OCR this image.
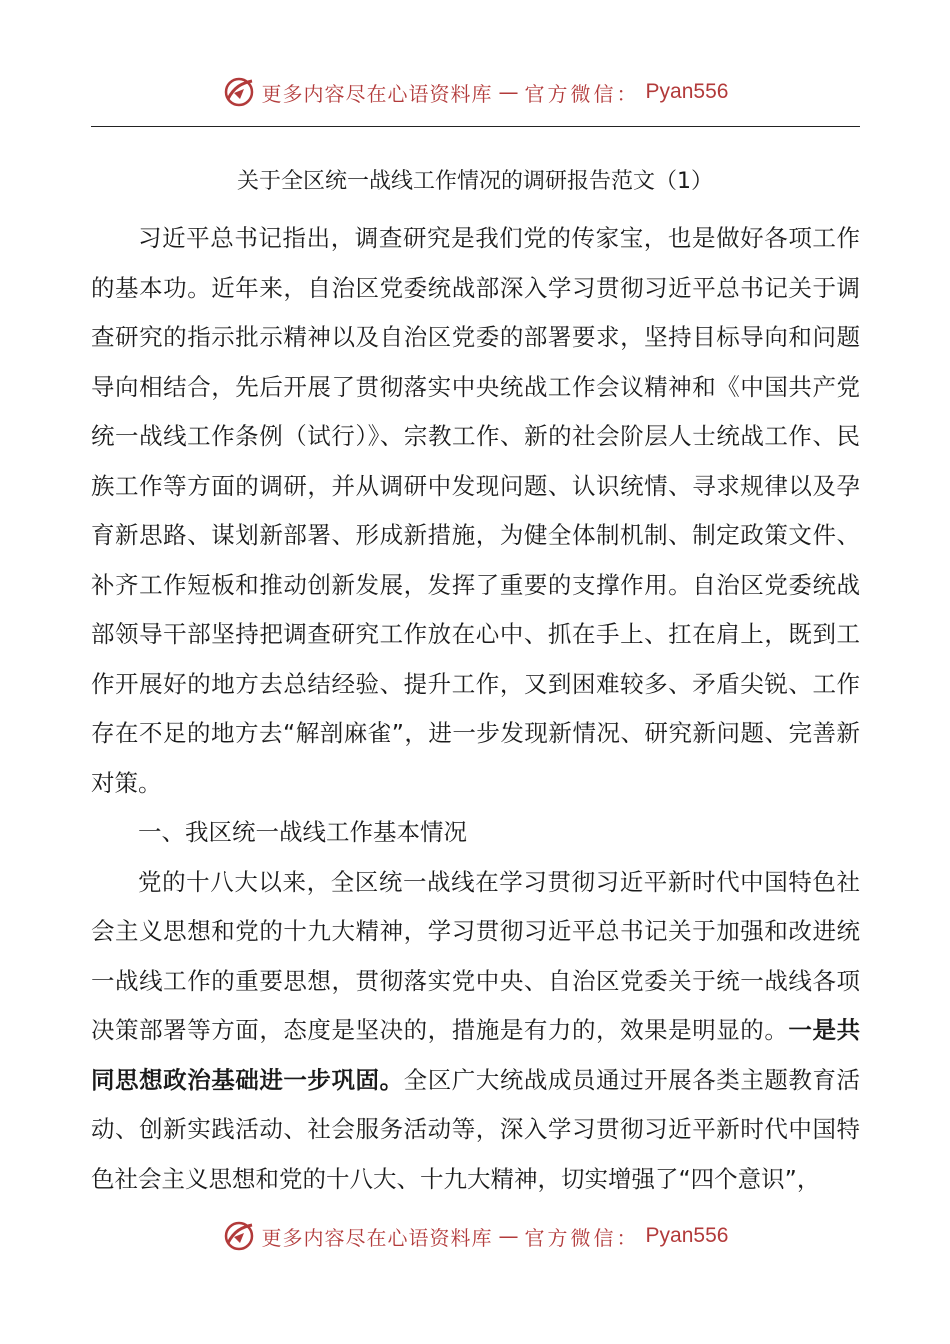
更多内容尽在心语资料库 — 官方微信： Pyan556
关于全区统一战线工作情况的调研报告范文（1）

习近平总书记指出，调查研究是我们党的传家宝，也是做好各项工作的基本功。近年来，自治区党委统战部深入学习贯彻习近平总书记关于调查研究的指示批示精神以及自治区党委的部署要求，坚持目标导向和问题导向相结合，先后开展了贯彻落实中央统战工作会议精神和《中国共产党统一战线工作条例（试行）》、宗教工作、新的社会阶层人士统战工作、民族工作等方面的调研，并从调研中发现问题、认识统情、寻求规律以及孕育新思路、谋划新部署、形成新措施，为健全体制机制、制定政策文件、补齐工作短板和推动创新发展，发挥了重要的支撑作用。自治区党委统战部领导干部坚持把调查研究工作放在心中、抓在手上、扛在肩上，既到工作开展好的地方去总结经验、提升工作，又到困难较多、矛盾尖锐、工作存在不足的地方去“解剖麻雀”，进一步发现新情况、研究新问题、完善新对策。

一、我区统一战线工作基本情况

党的十八大以来，全区统一战线在学习贯彻习近平新时代中国特色社会主义思想和党的十九大精神，学习贯彻习近平总书记关于加强和改进统一战线工作的重要思想，贯彻落实党中央、自治区党委关于统一战线各项决策部署等方面，态度是坚决的，措施是有力的，效果是明显的。一是共同思想政治基础进一步巩固。全区广大统战成员通过开展各类主题教育活动、创新实践活动、社会服务活动等，深入学习贯彻习近平新时代中国特色社会主义思想和党的十八大、十九大精神，切实增强了“四个意识”，

更多内容尽在心语资料库 — 官方微信： Pyan556
